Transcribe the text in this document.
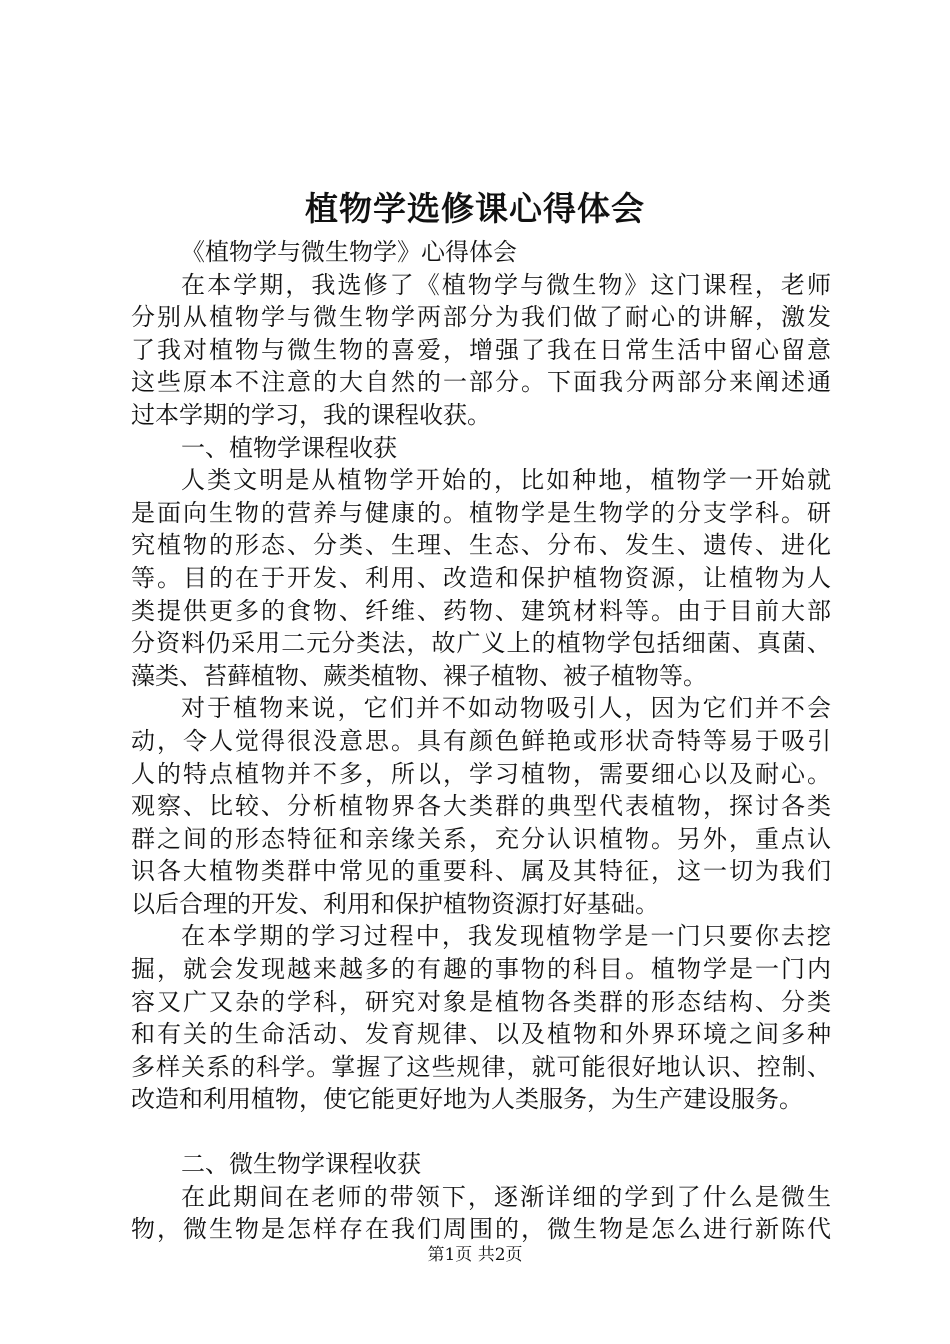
植物学选修课心得体会
《植物学与微生物学》心得体会
在本学期，我选修了《植物学与微生物》这门课程，老师
分别从植物学与微生物学两部分为我们做了耐心的讲解，激发
了我对植物与微生物的喜爱，增强了我在日常生活中留心留意
这些原本不注意的大自然的一部分。下面我分两部分来阐述通
过本学期的学习，我的课程收获。
一、植物学课程收获
人类文明是从植物学开始的，比如种地，植物学一开始就
是面向生物的营养与健康的。植物学是生物学的分支学科。研
究植物的形态、分类、生理、生态、分布、发生、遗传、进化
等。目的在于开发、利用、改造和保护植物资源，让植物为人
类提供更多的食物、纤维、药物、建筑材料等。由于目前大部
分资料仍采用二元分类法，故广义上的植物学包括细菌、真菌、
藻类、苔藓植物、蕨类植物、裸子植物、被子植物等。
对于植物来说，它们并不如动物吸引人，因为它们并不会
动，令人觉得很没意思。具有颜色鲜艳或形状奇特等易于吸引
人的特点植物并不多，所以，学习植物，需要细心以及耐心。
观察、比较、分析植物界各大类群的典型代表植物，探讨各类
群之间的形态特征和亲缘关系，充分认识植物。另外，重点认
识各大植物类群中常见的重要科、属及其特征，这一切为我们
以后合理的开发、利用和保护植物资源打好基础。
在本学期的学习过程中，我发现植物学是一门只要你去挖
掘，就会发现越来越多的有趣的事物的科目。植物学是一门内
容又广又杂的学科，研究对象是植物各类群的形态结构、分类
和有关的生命活动、发育规律、以及植物和外界环境之间多种
多样关系的科学。掌握了这些规律，就可能很好地认识、控制、
改造和利用植物，使它能更好地为人类服务，为生产建设服务。
二、微生物学课程收获
在此期间在老师的带领下，逐渐详细的学到了什么是微生
物，微生物是怎样存在我们周围的，微生物是怎么进行新陈代
第1页 共2页
